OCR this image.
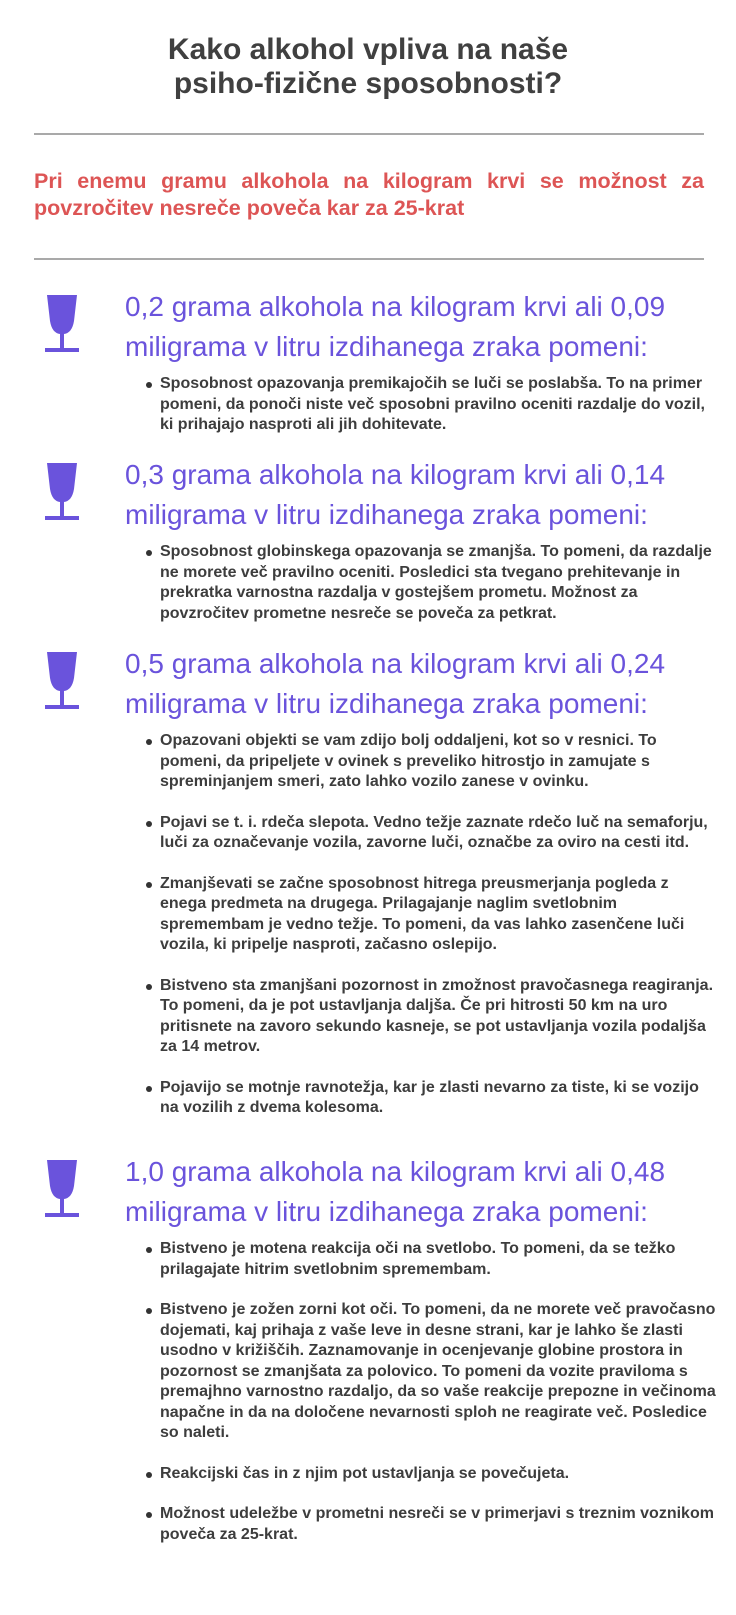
Kako alkohol vpliva na naše
psiho-fizične sposobnosti?
Pri enemu gramu alkohola na kilogram krvi se možnost za povzročitev nesreče poveča kar za 25-krat
0,2 grama alkohola na kilogram krvi ali 0,09 miligrama v litru izdihanega zraka pomeni:
Sposobnost opazovanja premikajočih se luči se poslabša. To na primer pomeni, da ponoči niste več sposobni pravilno oceniti razdalje do vozil, ki prihajajo nasproti ali jih dohitevate.
0,3 grama alkohola na kilogram krvi ali 0,14 miligrama v litru izdihanega zraka pomeni:
Sposobnost globinskega opazovanja se zmanjša. To pomeni, da razdalje ne morete več pravilno oceniti. Posledici sta tvegano prehitevanje in prekratka varnostna razdalja v gostejšem prometu. Možnost za povzročitev prometne nesreče se poveča za petkrat.
0,5 grama alkohola na kilogram krvi ali 0,24 miligrama v litru izdihanega zraka pomeni:
Opazovani objekti se vam zdijo bolj oddaljeni, kot so v resnici. To pomeni, da pripeljete v ovinek s preveliko hitrostjo in zamujate s spreminjanjem smeri, zato lahko vozilo zanese v ovinku.
Pojavi se t. i. rdeča slepota. Vedno težje zaznate rdečo luč na semaforju, luči za označevanje vozila, zavorne luči, označbe za oviro na cesti itd.
Zmanjševati se začne sposobnost hitrega preusmerjanja pogleda z enega predmeta na drugega. Prilagajanje naglim svetlobnim spremembam je vedno težje. To pomeni, da vas lahko zasenčene luči vozila, ki pripelje nasproti, začasno oslepijo.
Bistveno sta zmanjšani pozornost in zmožnost pravočasnega reagiranja. To pomeni, da je pot ustavljanja daljša. Če pri hitrosti 50 km na uro pritisnete na zavoro sekundo kasneje, se pot ustavljanja vozila podaljša za 14 metrov.
Pojavijo se motnje ravnotežja, kar je zlasti nevarno za tiste, ki se vozijo na vozilih z dvema kolesoma.
1,0 grama alkohola na kilogram krvi ali 0,48 miligrama v litru izdihanega zraka pomeni:
Bistveno je motena reakcija oči na svetlobo. To pomeni, da se težko prilagajate hitrim svetlobnim spremembam.
Bistveno je zožen zorni kot oči. To pomeni, da ne morete več pravočasno dojemati, kaj prihaja z vaše leve in desne strani, kar je lahko še zlasti usodno v križiščih. Zaznamovanje in ocenjevanje globine prostora in pozornost se zmanjšata za polovico. To pomeni da vozite praviloma s premajhno varnostno razdaljo, da so vaše reakcije prepozne in večinoma napačne in da na določene nevarnosti sploh ne reagirate več. Posledice so naleti.
Reakcijski čas in z njim pot ustavljanja se povečujeta.
Možnost udeležbe v prometni nesreči se v primerjavi s treznim voznikom poveča za 25-krat.
